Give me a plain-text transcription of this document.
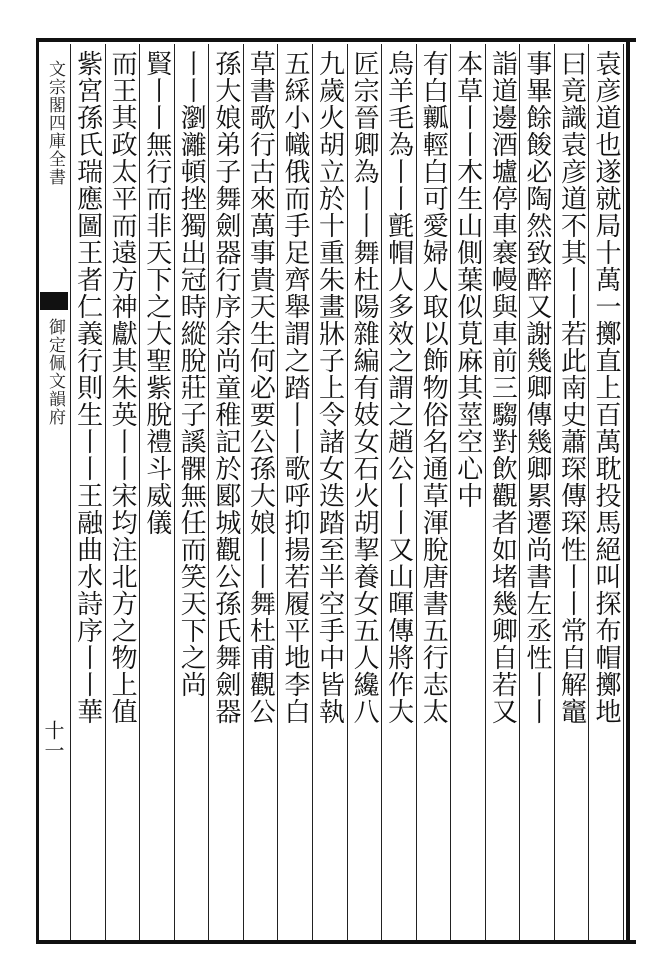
文宗閣四庫全書
御定佩文韻府
十一
袁彦道也遂就局十萬一擲直上百萬耽投馬絕叫探布帽擲地
曰竟識袁彦道不其丨丨若此南史蕭琛傳琛性丨丨常自解竈
事畢餘餕必陶然致醉又謝幾卿傳幾卿累遷尚書左丞性丨丨
詣道邊酒壚停車褰幔與車前三騶對飲觀者如堵幾卿自若又
本草丨丨木生山側葉似莧麻其莖空心中
有白瓤輕白可愛婦人取以飾物俗名通草渾脫唐書五行志太
烏羊毛為丨丨氈帽人多效之謂之趙公丨丨又山暉傳將作大
匠宗晉卿為丨丨舞杜陽雜編有妓女石火胡挈養女五人纔八
九歲火胡立於十重朱畫牀子上令諸女迭踏至半空手中皆執
五綵小幟俄而手足齊舉謂之踏丨丨歌呼抑揚若履平地李白
草書歌行古來萬事貴天生何必要公孫大娘丨丨舞杜甫觀公
孫大娘弟子舞劍器行序余尚童稚記於郾城觀公孫氏舞劍器
丨丨瀏灕頓挫獨出冠時縱脫莊子謑髁無任而笑天下之尚
賢丨丨無行而非天下之大聖紫脫禮斗威儀
而王其政太平而遠方神獻其朱英丨丨宋均注北方之物上值
紫宮孫氏瑞應圖王者仁義行則生丨丨王融曲水詩序丨丨華
